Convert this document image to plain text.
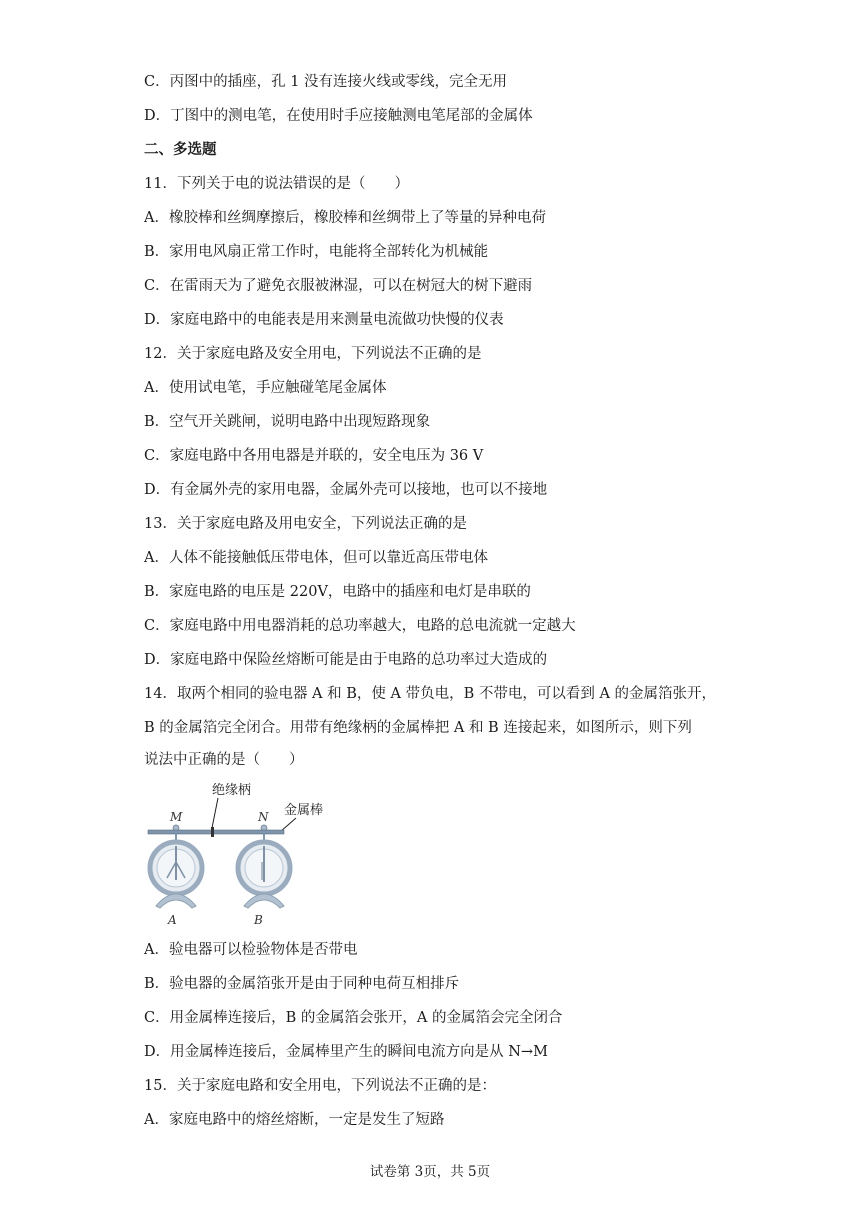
C．丙图中的插座，孔 1 没有连接火线或零线，完全无用
D．丁图中的测电笔，在使用时手应接触测电笔尾部的金属体
二、多选题
11．下列关于电的说法错误的是（　　）
A．橡胶棒和丝绸摩擦后，橡胶棒和丝绸带上了等量的异种电荷
B．家用电风扇正常工作时，电能将全部转化为机械能
C．在雷雨天为了避免衣服被淋湿，可以在树冠大的树下避雨
D．家庭电路中的电能表是用来测量电流做功快慢的仪表
12．关于家庭电路及安全用电，下列说法不正确的是
A．使用试电笔，手应触碰笔尾金属体
B．空气开关跳闸，说明电路中出现短路现象
C．家庭电路中各用电器是并联的，安全电压为 36 V
D．有金属外壳的家用电器，金属外壳可以接地，也可以不接地
13．关于家庭电路及用电安全，下列说法正确的是
A．人体不能接触低压带电体，但可以靠近高压带电体
B．家庭电路的电压是 220V，电路中的插座和电灯是串联的
C．家庭电路中用电器消耗的总功率越大，电路的总电流就一定越大
D．家庭电路中保险丝熔断可能是由于电路的总功率过大造成的
14．取两个相同的验电器 A 和 B，使 A 带负电，B 不带电，可以看到 A 的金属箔张开，
B 的金属箔完全闭合。用带有绝缘柄的金属棒把 A 和 B 连接起来，如图所示，则下列
说法中正确的是（　　）
绝缘柄
金属棒
M	N
A	B
A．验电器可以检验物体是否带电
B．验电器的金属箔张开是由于同种电荷互相排斥
C．用金属棒连接后，B 的金属箔会张开，A 的金属箔会完全闭合
D．用金属棒连接后，金属棒里产生的瞬间电流方向是从 N→M
15．关于家庭电路和安全用电，下列说法不正确的是：
A．家庭电路中的熔丝熔断，一定是发生了短路
试卷第 3页，共 5页
